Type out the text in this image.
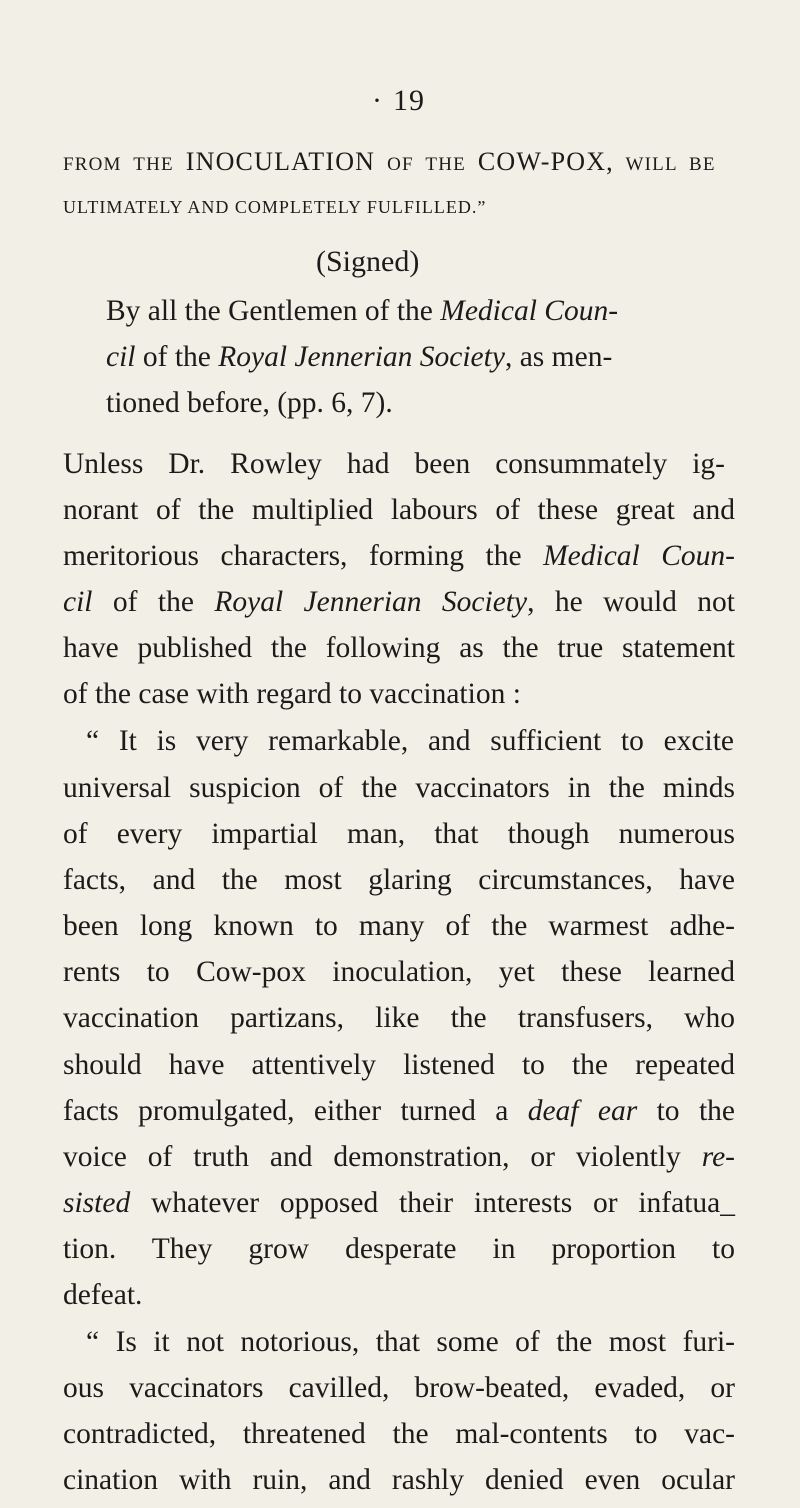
· 19
FROM THE INOCULATION OF THE COW-POX, WILL BE
ULTIMATELY AND COMPLETELY FULFILLED.”
(Signed)
By all the Gentlemen of the Medical Coun-
cil of the Royal Jennerian Society, as men-
tioned before, (pp. 6, 7).
Unless Dr. Rowley had been consummately ig-
norant of the multiplied labours of these great and
meritorious characters, forming the Medical Coun-
cil of the Royal Jennerian Society, he would not
have published the following as the true statement
of the case with regard to vaccination :
“ It is very remarkable, and sufficient to excite
universal suspicion of the vaccinators in the minds
of every impartial man, that though numerous
facts, and the most glaring circumstances, have
been long known to many of the warmest adhe-
rents to Cow-pox inoculation, yet these learned
vaccination partizans, like the transfusers, who
should have attentively listened to the repeated
facts promulgated, either turned a deaf ear to the
voice of truth and demonstration, or violently re-
sisted whatever opposed their interests or infatua_
tion. They grow desperate in proportion to
defeat.
“ Is it not notorious, that some of the most furi-
ous vaccinators cavilled, brow-beated, evaded, or
contradicted, threatened the mal-contents to vac-
cination with ruin, and rashly denied even ocular
